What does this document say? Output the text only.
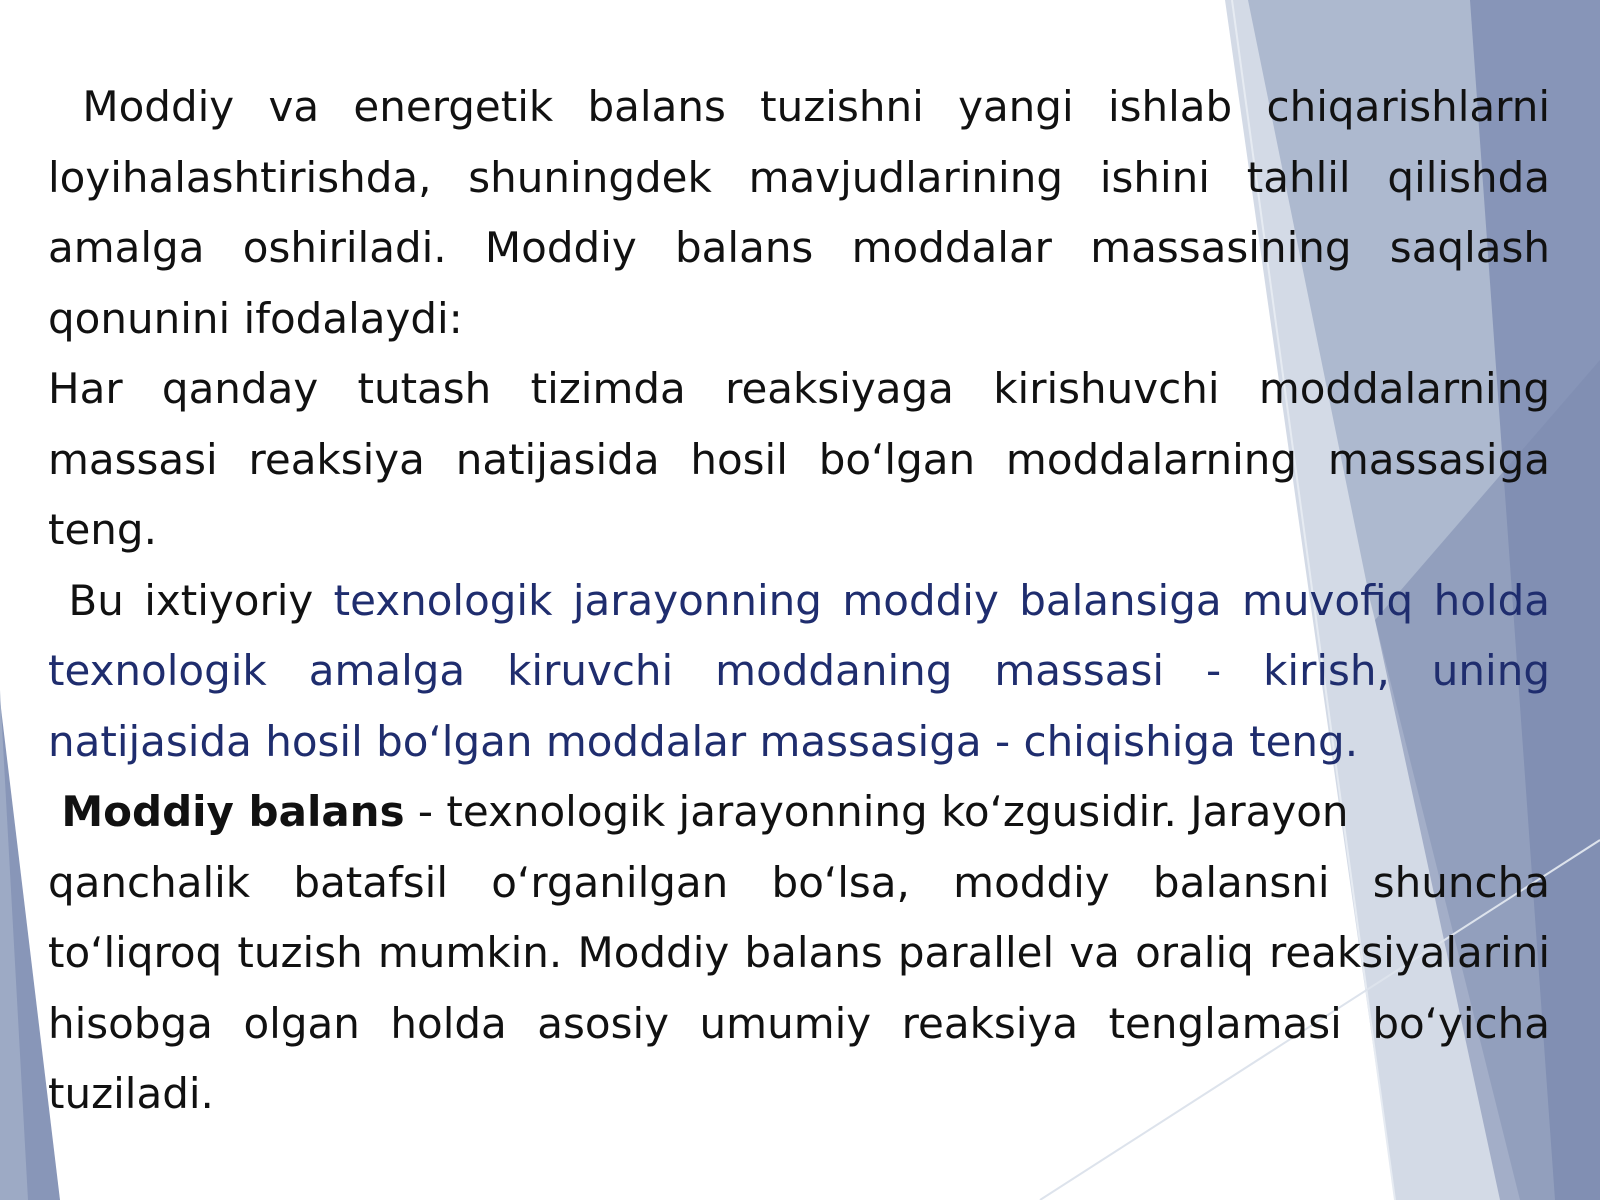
Moddiy va energetik balans tuzishni yangi ishlab chiqarishlarni loyihalashtirishda, shuningdek mavjudlarining ishini tahlil qilishda amalga oshiriladi. Moddiy balans moddalar massasining saqlash qonunini ifodalaydi:

Har qanday tutash tizimda reaksiyaga kirishuvchi moddalarning massasi reaksiya natijasida hosil bo‘lgan moddalarning massasiga teng.

Bu ixtiyoriy texnologik jarayonning moddiy balansiga muvofiq holda texnologik amalga kiruvchi moddaning massasi - kirish, uning natijasida hosil bo‘lgan moddalar massasiga - chiqishiga teng.

Moddiy balans - texnologik jarayonning ko‘zgusidir. Jarayon

qanchalik batafsil o‘rganilgan bo‘lsa, moddiy balansni shuncha to‘liqroq tuzish mumkin. Moddiy balans parallel va oraliq reaksiyalarini hisobga olgan holda asosiy umumiy reaksiya tenglamasi bo‘yicha tuziladi.
